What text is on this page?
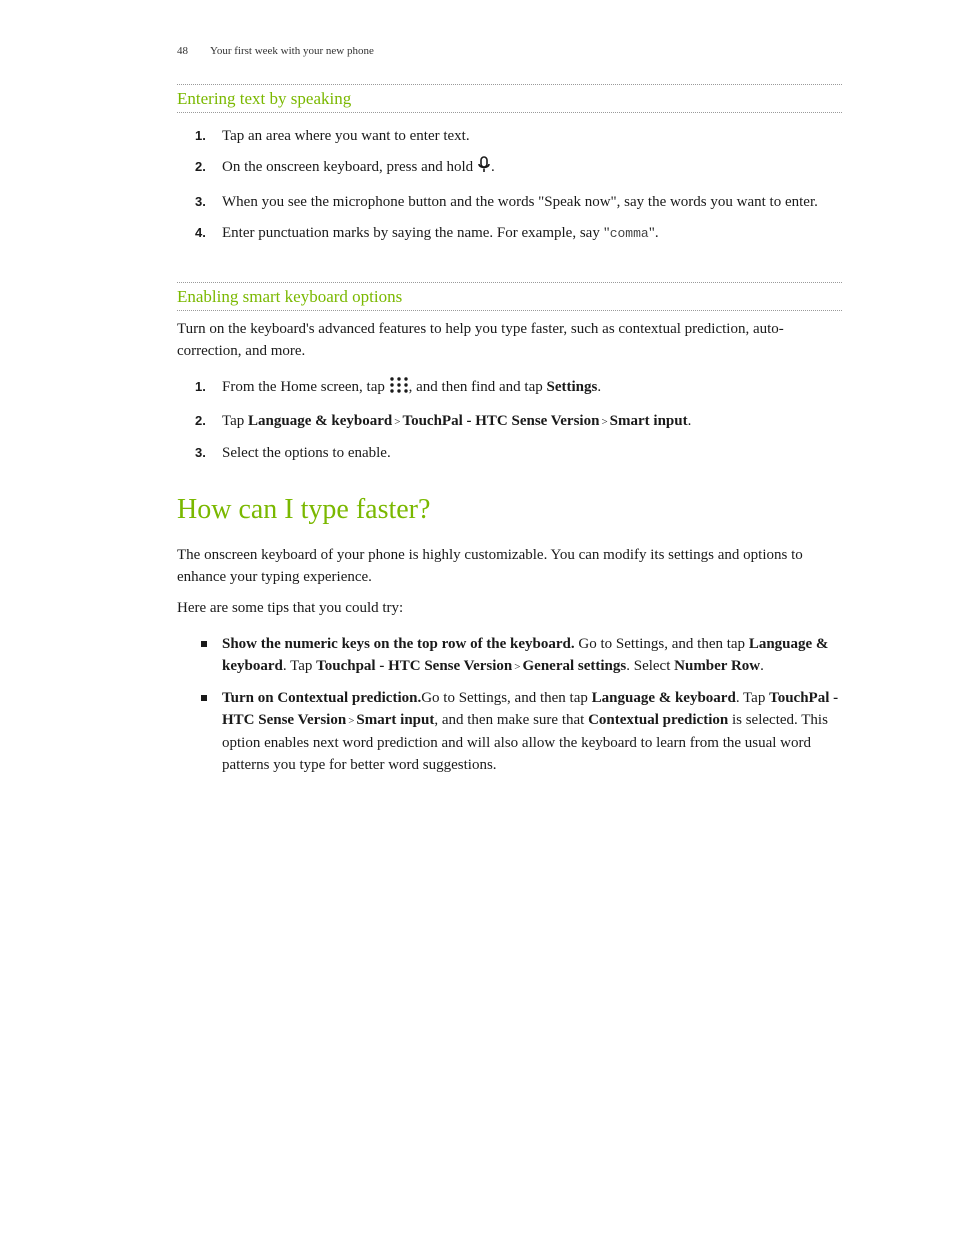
48 Your first week with your new phone
Entering text by speaking
1. Tap an area where you want to enter text.
2. On the onscreen keyboard, press and hold .
3. When you see the microphone button and the words "Speak now", say the words you want to enter.
4. Enter punctuation marks by saying the name. For example, say "comma".
Enabling smart keyboard options
Turn on the keyboard's advanced features to help you type faster, such as contextual prediction, auto-correction, and more.
1. From the Home screen, tap , and then find and tap Settings.
2. Tap Language & keyboard > TouchPal - HTC Sense Version > Smart input.
3. Select the options to enable.
How can I type faster?
The onscreen keyboard of your phone is highly customizable. You can modify its settings and options to enhance your typing experience.
Here are some tips that you could try:
Show the numeric keys on the top row of the keyboard. Go to Settings, and then tap Language & keyboard. Tap Touchpal - HTC Sense Version > General settings. Select Number Row.
Turn on Contextual prediction.Go to Settings, and then tap Language & keyboard. Tap TouchPal - HTC Sense Version > Smart input, and then make sure that Contextual prediction is selected. This option enables next word prediction and will also allow the keyboard to learn from the usual word patterns you type for better word suggestions.
